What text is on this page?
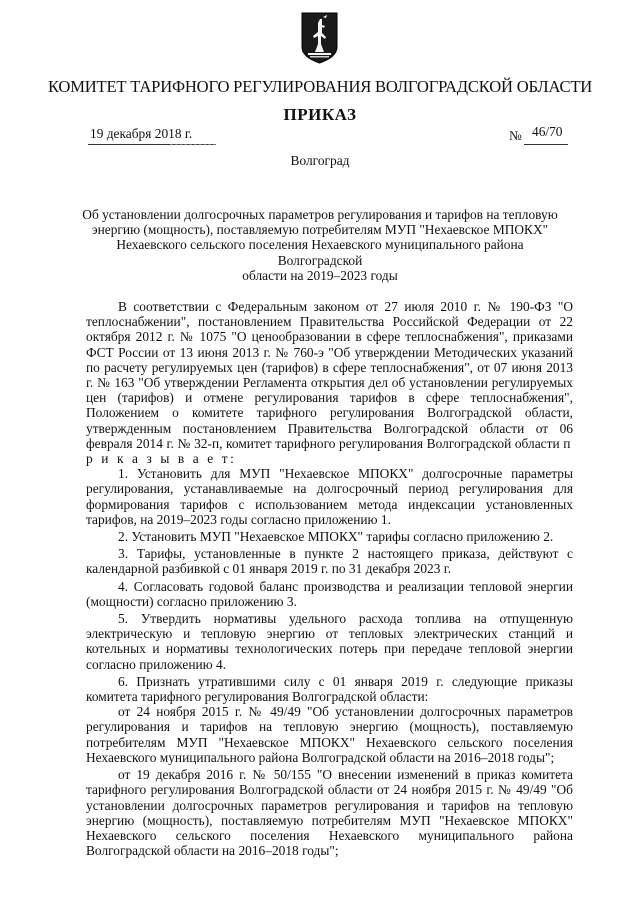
КОМИТЕТ ТАРИФНОГО РЕГУЛИРОВАНИЯ ВОЛГОГРАДСКОЙ ОБЛАСТИ
ПРИКАЗ
19 декабря 2018 г.	№ 46/70
Волгоград
Об установлении долгосрочных параметров регулирования и тарифов на тепловую
энергию (мощность), поставляемую потребителям МУП "Нехаевское МПОКХ"
Нехаевского сельского поселения Нехаевского муниципального района Волгоградской
области на 2019–2023 годы

В соответствии с Федеральным законом от 27 июля 2010 г. № 190-ФЗ "О теплоснабжении", постановлением Правительства Российской Федерации от 22 октября 2012 г. № 1075 "О ценообразовании в сфере теплоснабжения", приказами ФСТ России от 13 июня 2013 г. № 760-э "Об утверждении Методических указаний по расчету регулируемых цен (тарифов) в сфере теплоснабжения", от 07 июня 2013 г. № 163 "Об утверждении Регламента открытия дел об установлении регулируемых цен (тарифов) и отмене регулирования тарифов в сфере теплоснабжения", Положением о комитете тарифного регулирования Волгоградской области, утвержденным постановлением Правительства Волгоградской области от 06 февраля 2014 г. № 32-п, комитет тарифного регулирования Волгоградской области п р и к а з ы в а е т:

1. Установить для МУП "Нехаевское МПОКХ" долгосрочные параметры регулирования, устанавливаемые на долгосрочный период регулирования для формирования тарифов с использованием метода индексации установленных тарифов, на 2019–2023 годы согласно приложению 1.

2. Установить МУП "Нехаевское МПОКХ" тарифы согласно приложению 2.

3. Тарифы, установленные в пункте 2 настоящего приказа, действуют с календарной разбивкой с 01 января 2019 г. по 31 декабря 2023 г.

4. Согласовать годовой баланс производства и реализации тепловой энергии (мощности) согласно приложению 3.

5. Утвердить нормативы удельного расхода топлива на отпущенную электрическую и тепловую энергию от тепловых электрических станций и котельных и нормативы технологических потерь при передаче тепловой энергии согласно приложению 4.

6. Признать утратившими силу с 01 января 2019 г. следующие приказы комитета тарифного регулирования Волгоградской области:

от 24 ноября 2015 г. № 49/49 "Об установлении долгосрочных параметров регулирования и тарифов на тепловую энергию (мощность), поставляемую потребителям МУП "Нехаевское МПОКХ" Нехаевского сельского поселения Нехаевского муниципального района Волгоградской области на 2016–2018 годы";

от 19 декабря 2016 г. № 50/155 "О внесении изменений в приказ комитета тарифного регулирования Волгоградской области от 24 ноября 2015 г. № 49/49 "Об установлении долгосрочных параметров регулирования и тарифов на тепловую энергию (мощность), поставляемую потребителям МУП "Нехаевское МПОКХ" Нехаевского сельского поселения Нехаевского муниципального района Волгоградской области на 2016–2018 годы";
